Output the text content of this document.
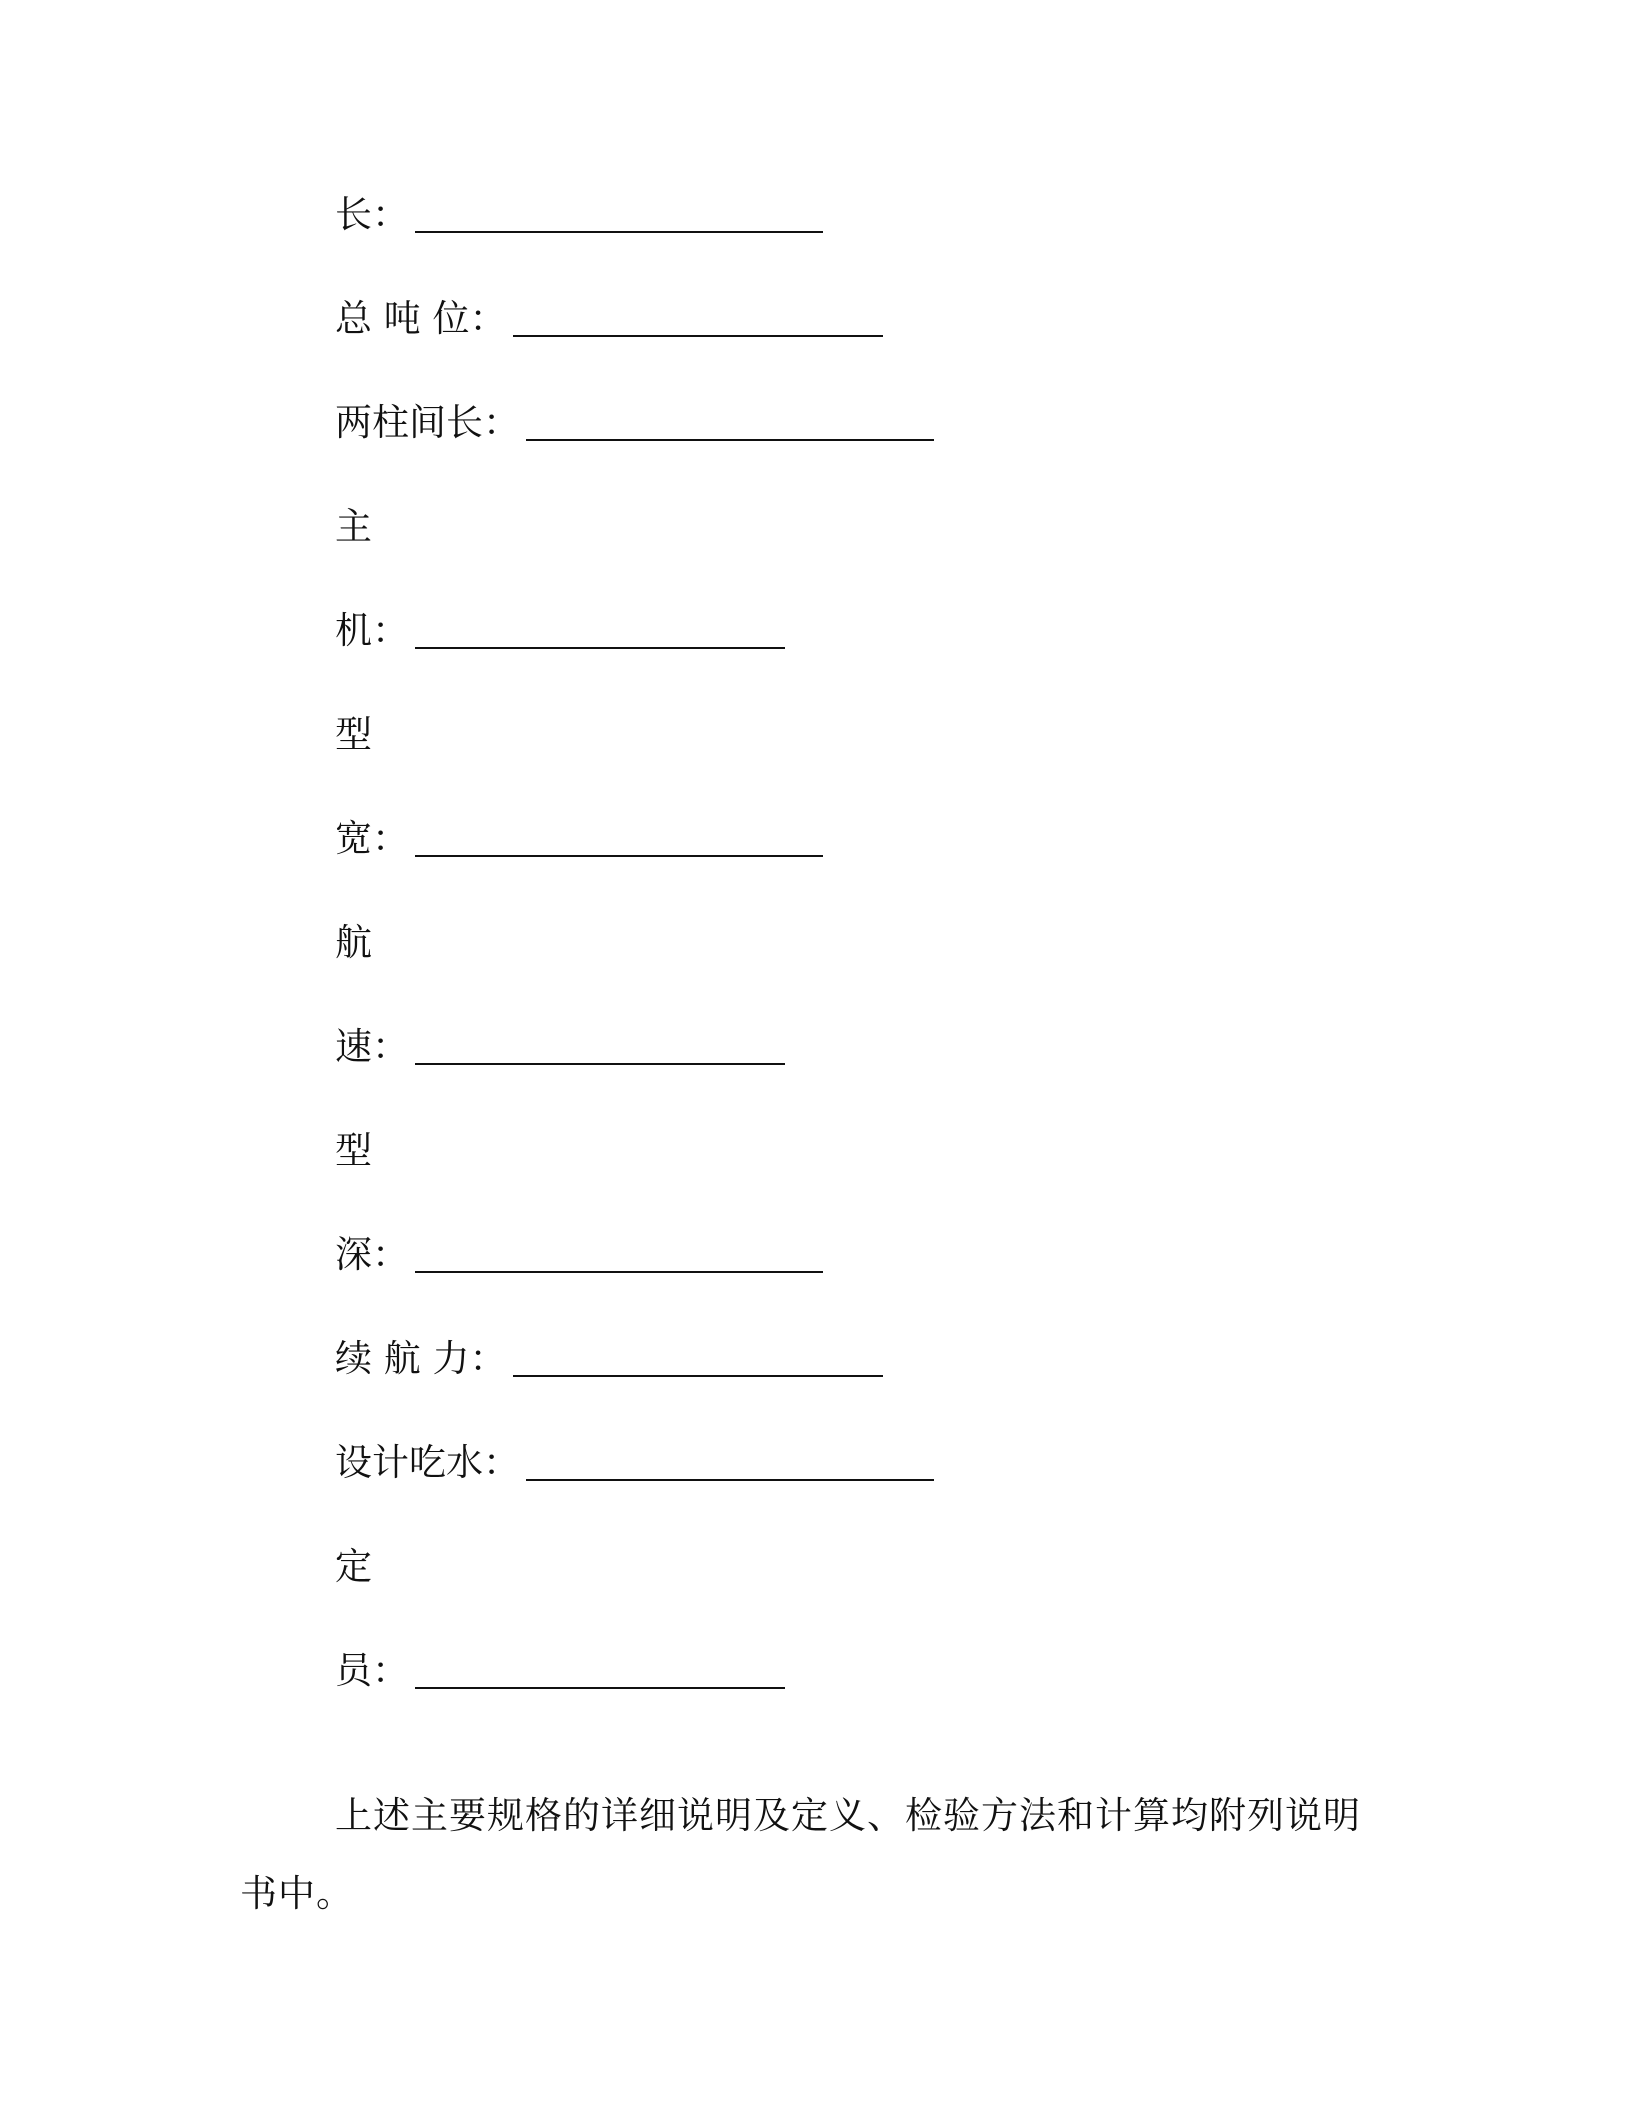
长：
总 吨 位：
两柱间长：
主
机：
型
宽：
航
速：
型
深：
续 航 力：
设计吃水：
定
员：

上述主要规格的详细说明及定义、检验方法和计算均附列说明书中。
